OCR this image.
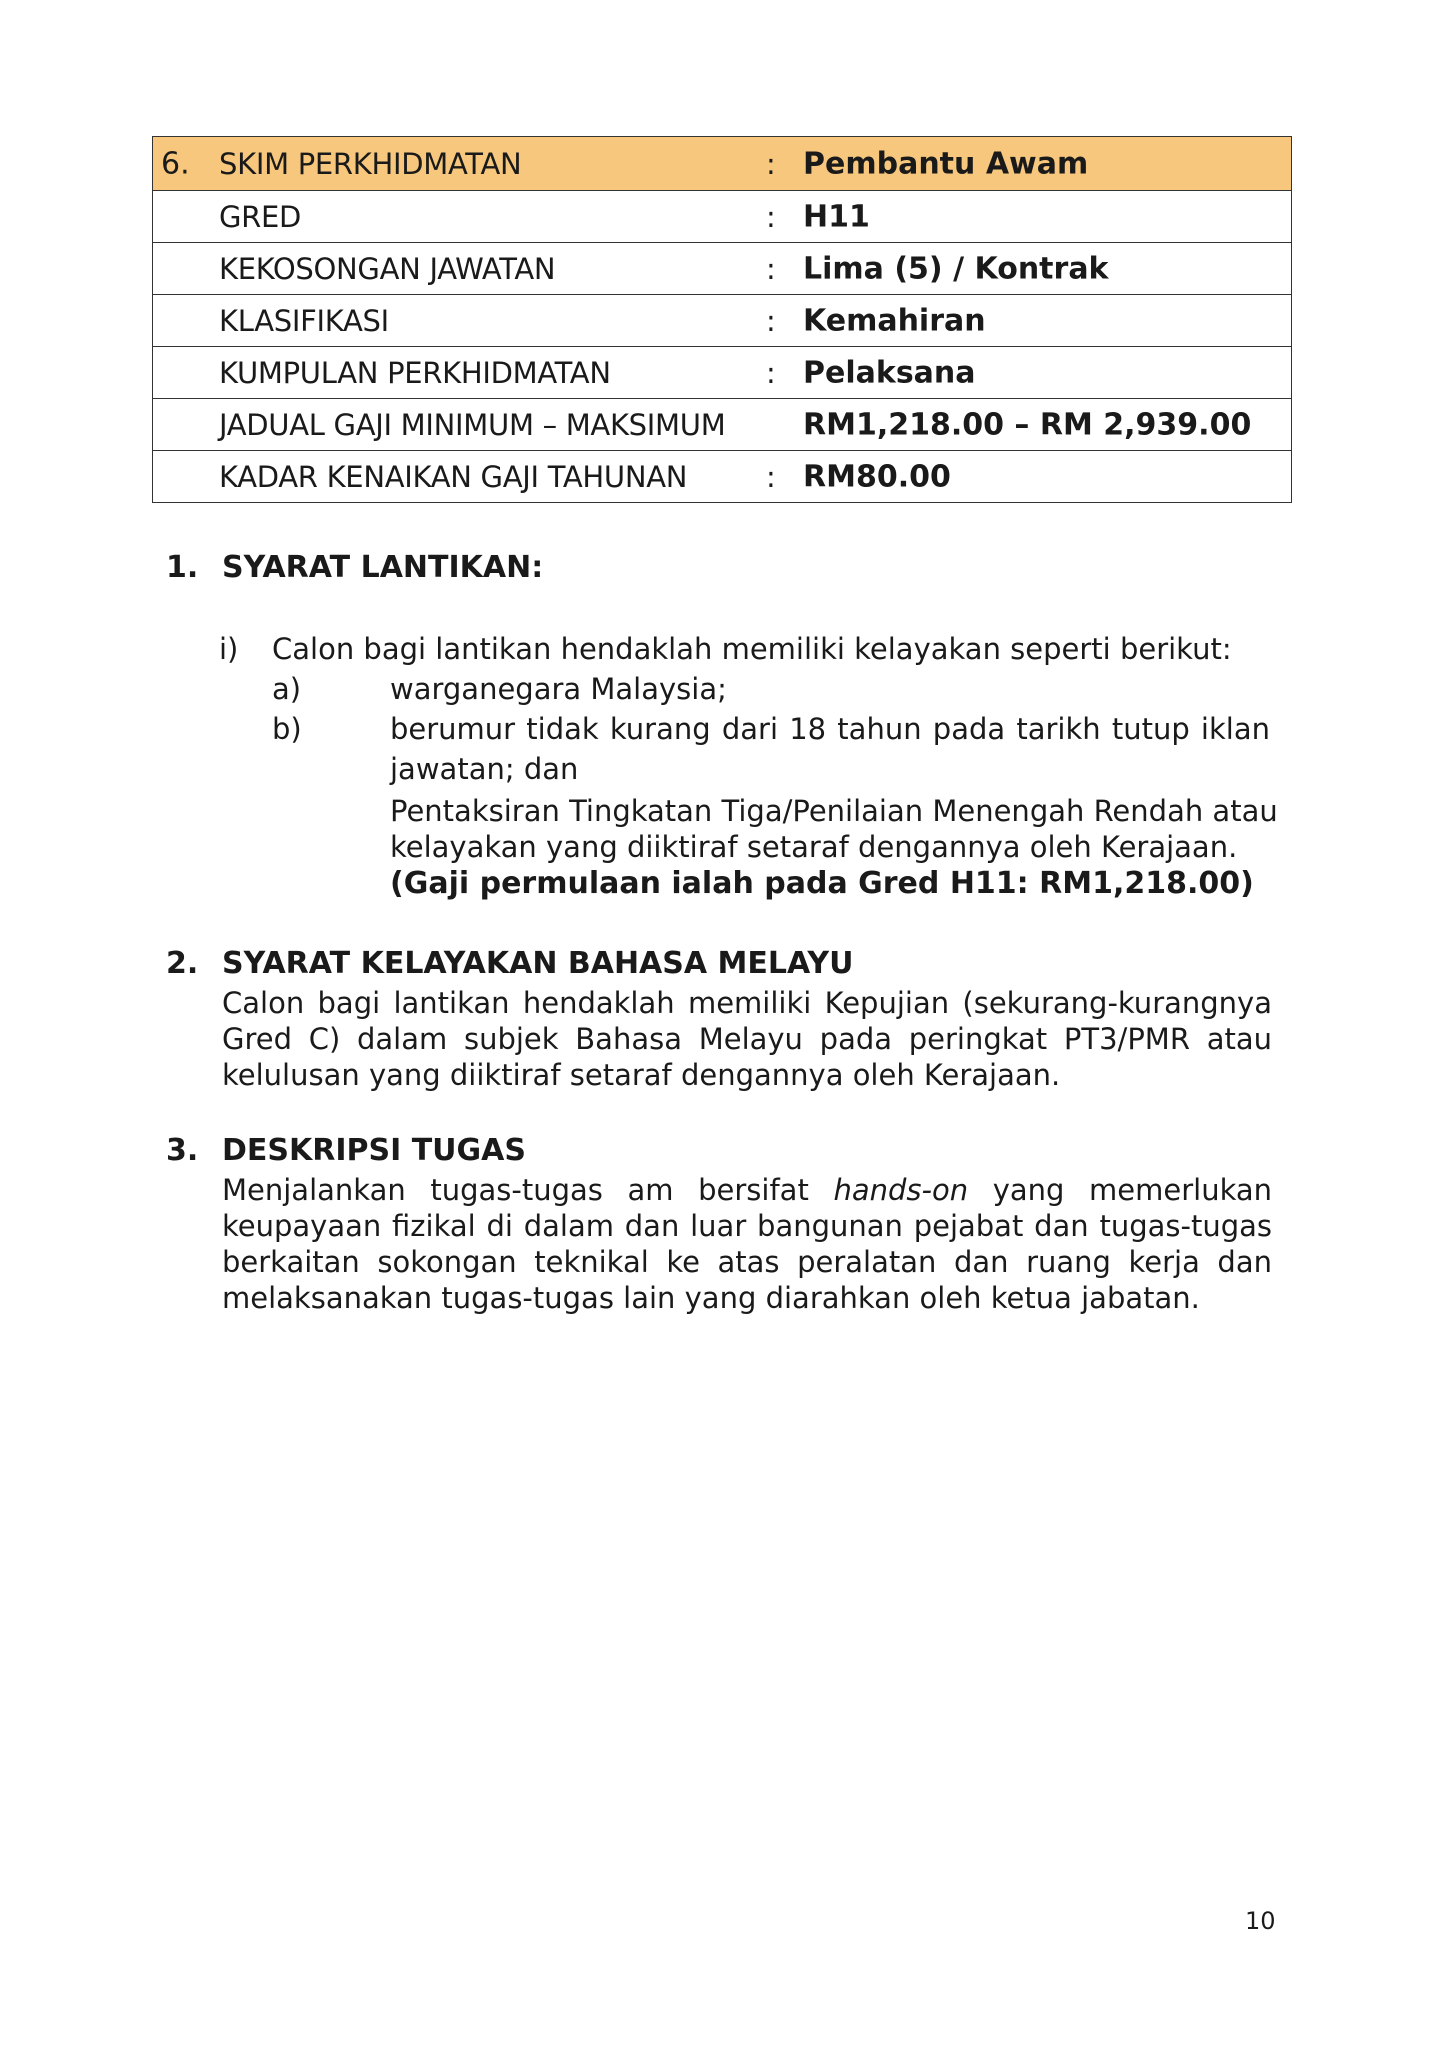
6. SKIM PERKHIDMATAN	: Pembantu Awam
GRED	: H11
KEKOSONGAN JAWATAN	: Lima (5) / Kontrak
KLASIFIKASI	: Kemahiran
KUMPULAN PERKHIDMATAN	: Pelaksana
JADUAL GAJI MINIMUM – MAKSIMUM	RM1,218.00 – RM 2,939.00
KADAR KENAIKAN GAJI TAHUNAN	: RM80.00
1. SYARAT LANTIKAN:
i) Calon bagi lantikan hendaklah memiliki kelayakan seperti berikut:
a)	warganegara Malaysia;
b)	berumur tidak kurang dari 18 tahun pada tarikh tutup iklan
jawatan; dan
Pentaksiran Tingkatan Tiga/Penilaian Menengah Rendah atau
kelayakan yang diiktiraf setaraf dengannya oleh Kerajaan.
(Gaji permulaan ialah pada Gred H11: RM1,218.00)
2. SYARAT KELAYAKAN BAHASA MELAYU
Calon bagi lantikan hendaklah memiliki Kepujian (sekurang-kurangnya Gred C) dalam subjek Bahasa Melayu pada peringkat PT3/PMR atau kelulusan yang diiktiraf setaraf dengannya oleh Kerajaan.
3. DESKRIPSI TUGAS
Menjalankan tugas-tugas am bersifat hands-on yang memerlukan keupayaan fizikal di dalam dan luar bangunan pejabat dan tugas-tugas berkaitan sokongan teknikal ke atas peralatan dan ruang kerja dan melaksanakan tugas-tugas lain yang diarahkan oleh ketua jabatan.
10
